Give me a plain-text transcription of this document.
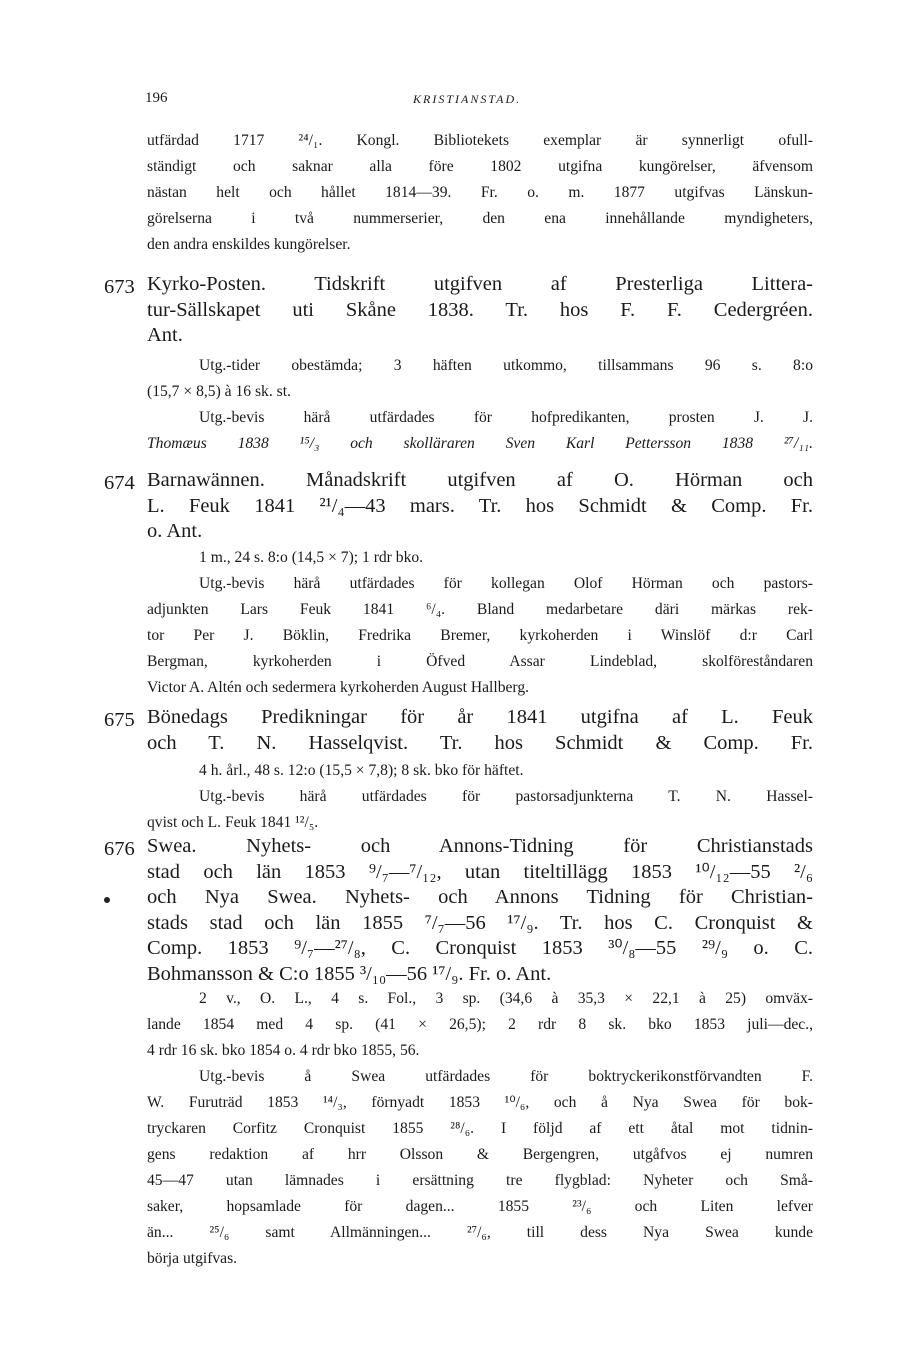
196	KRISTIANSTAD.
utfärdad 1717 ²⁴/₁. Kongl. Bibliotekets exemplar är synnerligt ofull-
ständigt och saknar alla före 1802 utgifna kungörelser, äfvensom
nästan helt och hållet 1814—39. Fr. o. m. 1877 utgifvas Länskun-
görelserna i två nummerserier, den ena innehållande myndigheters,
den andra enskildes kungörelser.
673 Kyrko-Posten. Tidskrift utgifven af Presterliga Littera-
tur-Sällskapet uti Skåne 1838. Tr. hos F. F. Cedergréen.
Ant.
Utg.-tider obestämda; 3 häften utkommo, tillsammans 96 s. 8:o
(15,7 × 8,5) à 16 sk. st.
Utg.-bevis härå utfärdades för hofpredikanten, prosten J. J.
Thomæus 1838 ¹⁵/₃ och skolläraren Sven Karl Pettersson 1838 ²⁷/₁₁.
674 Barnawännen. Månadskrift utgifven af O. Hörman och
L. Feuk 1841 ²¹/₄—43 mars. Tr. hos Schmidt & Comp. Fr.
o. Ant.
1 m., 24 s. 8:o (14,5 × 7); 1 rdr bko.
Utg.-bevis härå utfärdades för kollegan Olof Hörman och pastors-
adjunkten Lars Feuk 1841 ⁶/₄. Bland medarbetare däri märkas rek-
tor Per J. Böklin, Fredrika Bremer, kyrkoherden i Winslöf d:r Carl
Bergman, kyrkoherden i Öfved Assar Lindeblad, skolföreståndaren
Victor A. Altén och sedermera kyrkoherden August Hallberg.
675 Bönedags Predikningar för år 1841 utgifna af L. Feuk
och T. N. Hasselqvist. Tr. hos Schmidt & Comp. Fr.
4 h. årl., 48 s. 12:o (15,5 × 7,8); 8 sk. bko för häftet.
Utg.-bevis härå utfärdades för pastorsadjunkterna T. N. Hassel-
qvist och L. Feuk 1841 ¹²/₅.
676 Swea. Nyhets- och Annons-Tidning för Christianstads
stad och län 1853 ⁹/₇—⁷/₁₂, utan titeltillägg 1853 ¹⁰/₁₂—55 ²/₆
och Nya Swea. Nyhets- och Annons Tidning för Christian-
stads stad och län 1855 ⁷/₇—56 ¹⁷/₉. Tr. hos C. Cronquist &
Comp. 1853 ⁹/₇—²⁷/₈, C. Cronquist 1853 ³⁰/₈—55 ²⁹/₉ o. C.
Bohmansson & C:o 1855 ³/₁₀—56 ¹⁷/₉. Fr. o. Ant.
2 v., O. L., 4 s. Fol., 3 sp. (34,6 à 35,3 × 22,1 à 25) omväx-
lande 1854 med 4 sp. (41 × 26,5); 2 rdr 8 sk. bko 1853 juli—dec.,
4 rdr 16 sk. bko 1854 o. 4 rdr bko 1855, 56.
Utg.-bevis å Swea utfärdades för boktryckerikonstförvandten F.
W. Furuträd 1853 ¹⁴/₃, förnyadt 1853 ¹⁰/₆, och å Nya Swea för bok-
tryckaren Corfitz Cronquist 1855 ²⁸/₆. I följd af ett åtal mot tidnin-
gens redaktion af hrr Olsson & Bergengren, utgåfvos ej numren
45—47 utan lämnades i ersättning tre flygblad: Nyheter och Små-
saker, hopsamlade för dagen... 1855 ²³/₆ och Liten lefver
än... ²⁵/₆ samt Allmänningen... ²⁷/₆, till dess Nya Swea kunde
börja utgifvas.
